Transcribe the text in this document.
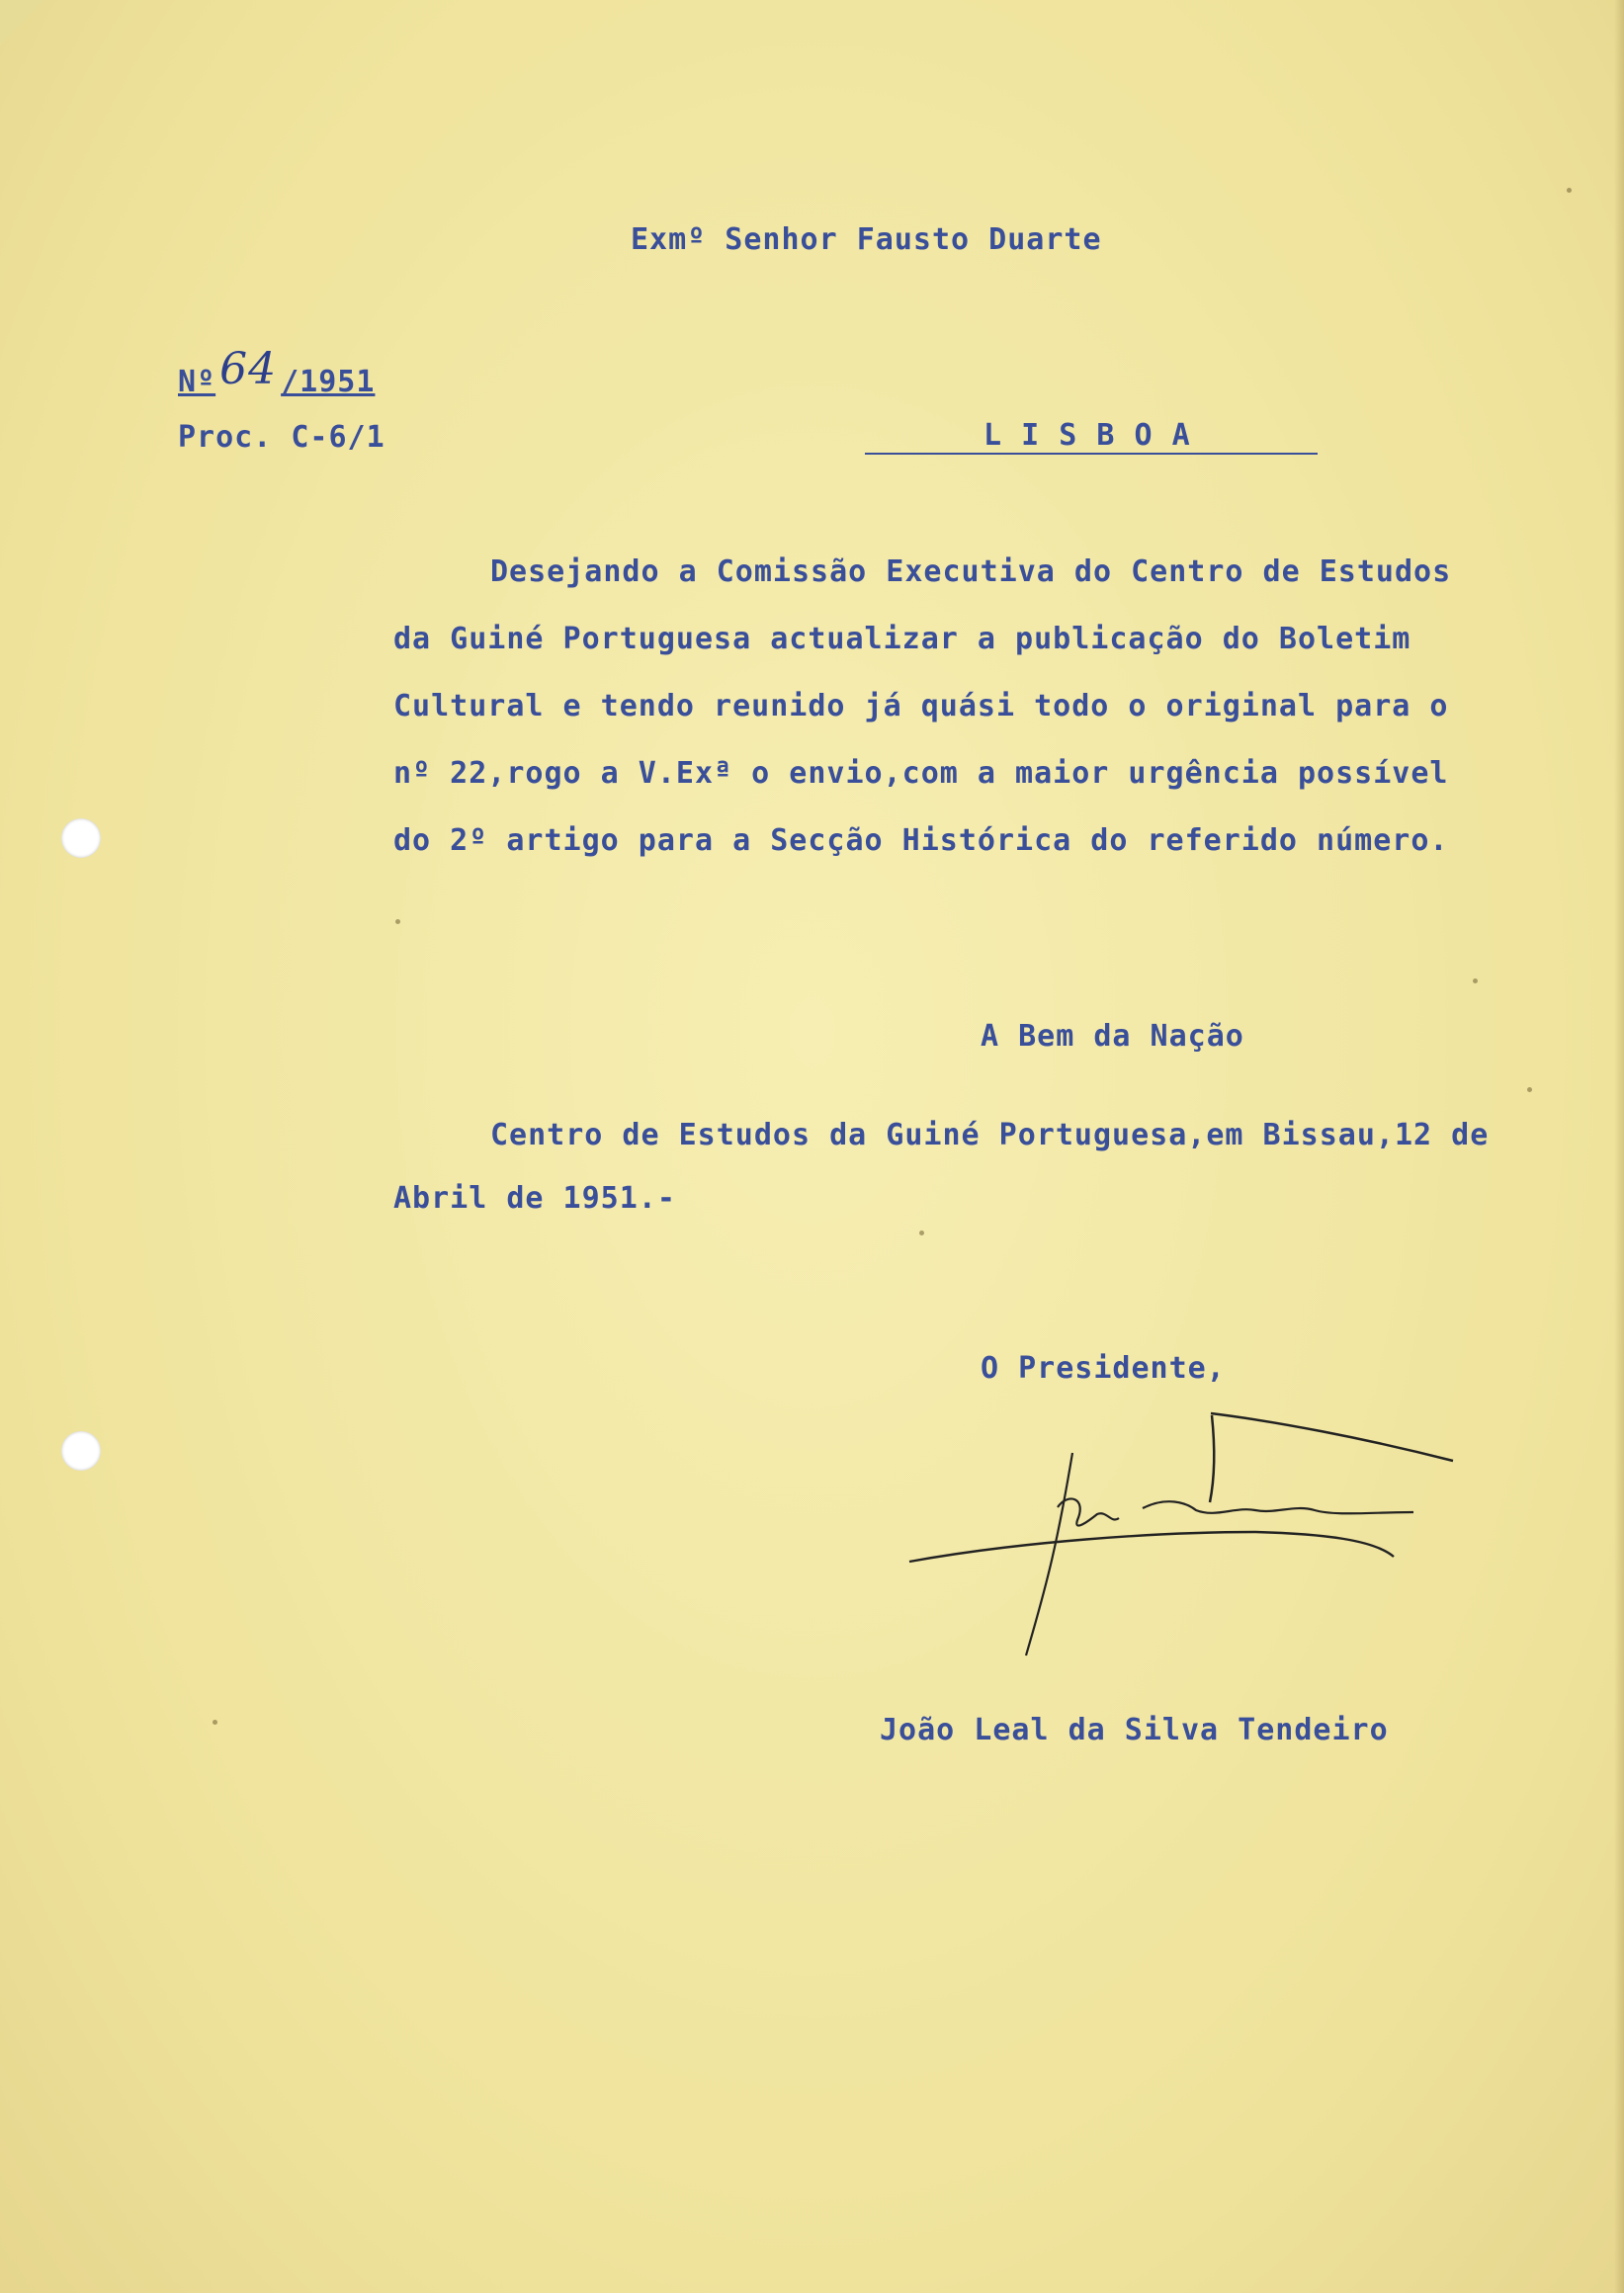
Exmº Senhor Fausto Duarte
Nº64 /1951
Proc. C-6/1	L I S B O A
Desejando a Comissão Executiva do Centro de Estudos
da Guiné Portuguesa actualizar a publicação do Boletim
Cultural e tendo reunido já quási todo o original para o
nº 22,rogo a V.Exª o envio,com a maior urgência possível
do 2º artigo para a Secção Histórica do referido número.
A Bem da Nação
Centro de Estudos da Guiné Portuguesa,em Bissau,12 de
Abril de 1951.-
O Presidente,
João Leal da Silva Tendeiro
